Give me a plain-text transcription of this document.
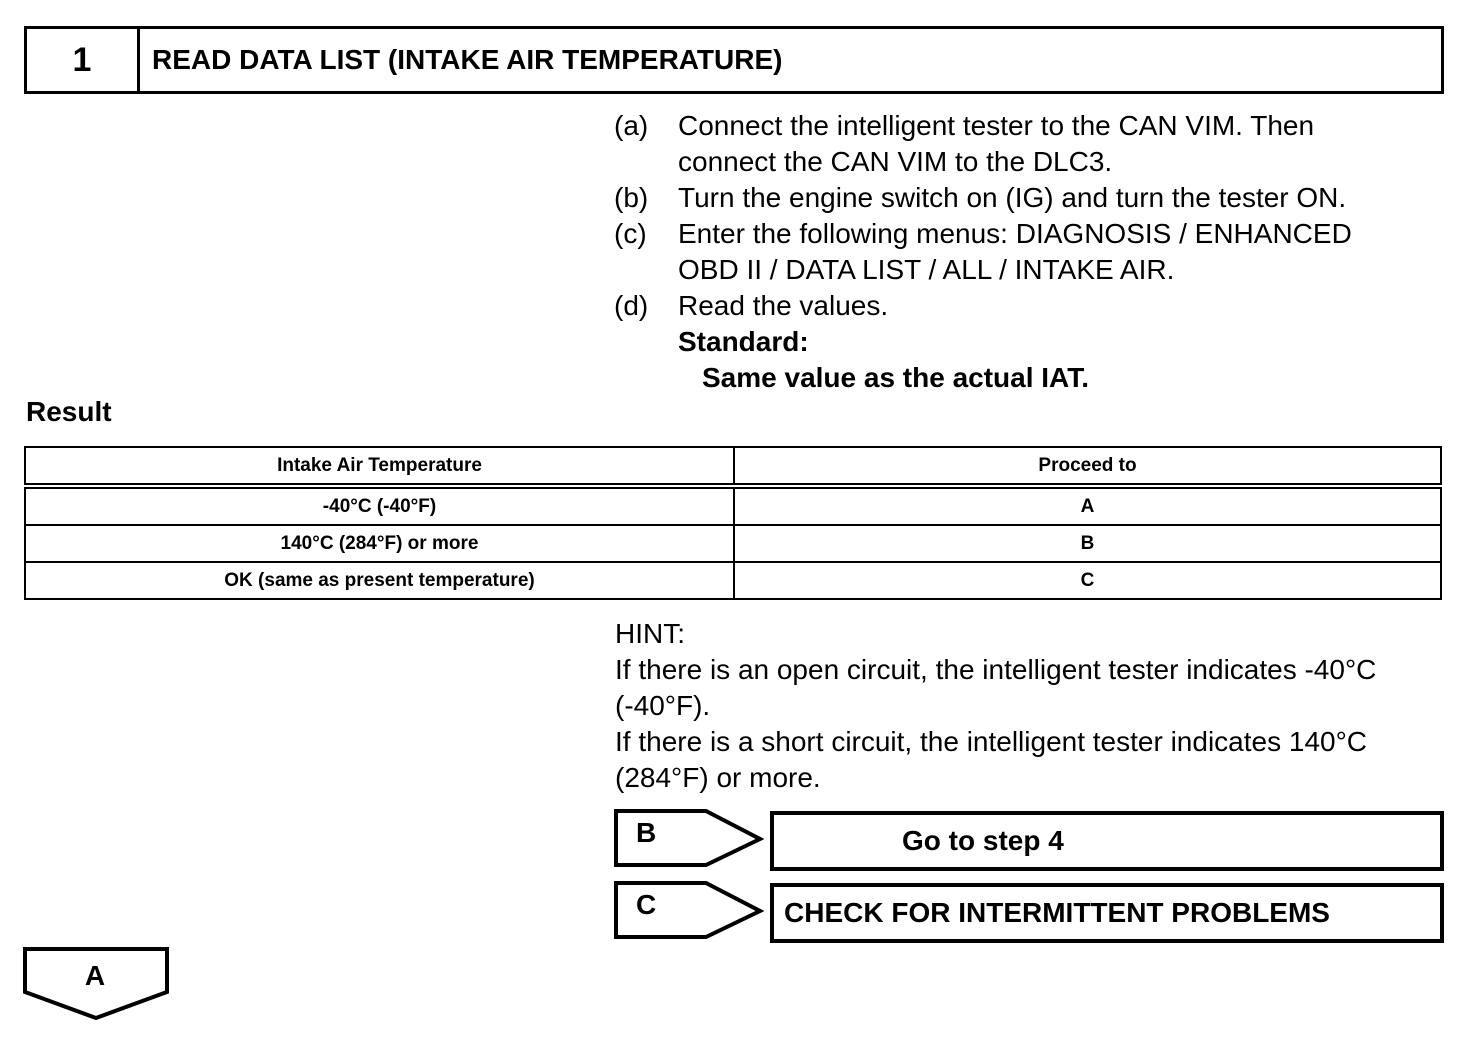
1	READ DATA LIST (INTAKE AIR TEMPERATURE)
(a)	Connect the intelligent tester to the CAN VIM. Then
connect the CAN VIM to the DLC3.
(b)	Turn the engine switch on (IG) and turn the tester ON.
(c)	Enter the following menus: DIAGNOSIS / ENHANCED
OBD II / DATA LIST / ALL / INTAKE AIR.
(d)	Read the values.
Standard:
Same value as the actual IAT.
Result
Intake Air Temperature	Proceed to
-40°C (-40°F)	A
140°C (284°F) or more	B
OK (same as present temperature)	C
HINT:
If there is an open circuit, the intelligent tester indicates -40°C
(-40°F).
If there is a short circuit, the intelligent tester indicates 140°C
(284°F) or more.
B	Go to step 4
C	CHECK FOR INTERMITTENT PROBLEMS
A
